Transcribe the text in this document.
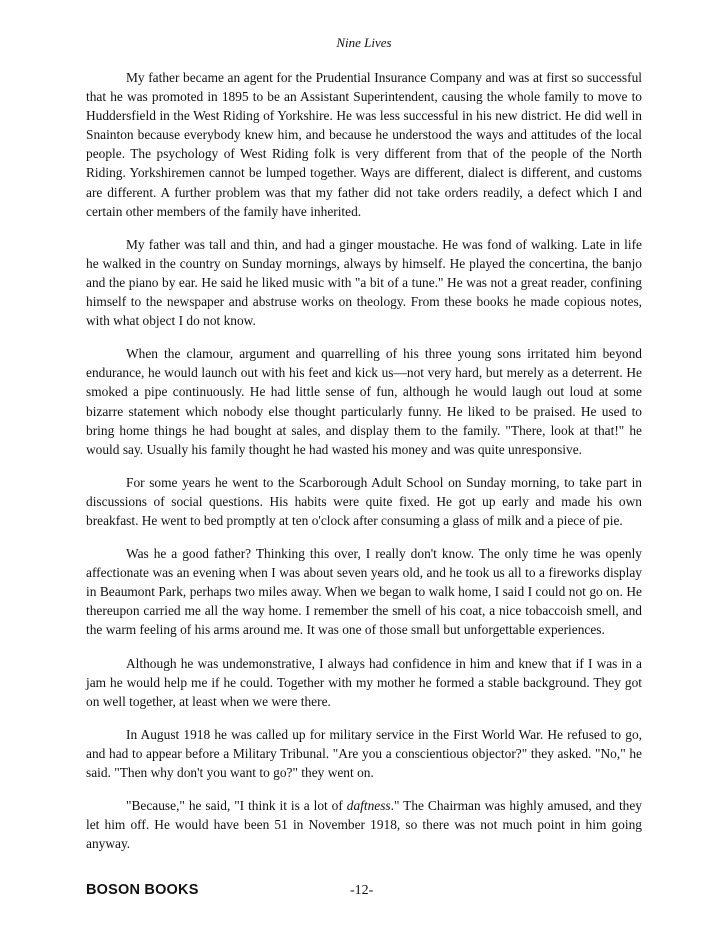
Nine Lives

My father became an agent for the Prudential Insurance Company and was at first so successful that he was promoted in 1895 to be an Assistant Superintendent, causing the whole family to move to Huddersfield in the West Riding of Yorkshire. He was less successful in his new district. He did well in Snainton because everybody knew him, and because he understood the ways and attitudes of the local people. The psychology of West Riding folk is very different from that of the people of the North Riding. Yorkshiremen cannot be lumped together. Ways are different, dialect is different, and customs are different. A further problem was that my father did not take orders readily, a defect which I and certain other members of the family have inherited.

My father was tall and thin, and had a ginger moustache. He was fond of walking. Late in life he walked in the country on Sunday mornings, always by himself. He played the concertina, the banjo and the piano by ear. He said he liked music with "a bit of a tune." He was not a great reader, confining himself to the newspaper and abstruse works on theology. From these books he made copious notes, with what object I do not know.

When the clamour, argument and quarrelling of his three young sons irritated him beyond endurance, he would launch out with his feet and kick us—not very hard, but merely as a deterrent. He smoked a pipe continuously. He had little sense of fun, although he would laugh out loud at some bizarre statement which nobody else thought particularly funny. He liked to be praised. He used to bring home things he had bought at sales, and display them to the family. "There, look at that!" he would say. Usually his family thought he had wasted his money and was quite unresponsive.

For some years he went to the Scarborough Adult School on Sunday morning, to take part in discussions of social questions. His habits were quite fixed. He got up early and made his own breakfast. He went to bed promptly at ten o'clock after consuming a glass of milk and a piece of pie.

Was he a good father? Thinking this over, I really don't know. The only time he was openly affectionate was an evening when I was about seven years old, and he took us all to a fireworks display in Beaumont Park, perhaps two miles away. When we began to walk home, I said I could not go on. He thereupon carried me all the way home. I remember the smell of his coat, a nice tobaccoish smell, and the warm feeling of his arms around me. It was one of those small but unforgettable experiences.

Although he was undemonstrative, I always had confidence in him and knew that if I was in a jam he would help me if he could. Together with my mother he formed a stable background. They got on well together, at least when we were there.

In August 1918 he was called up for military service in the First World War. He refused to go, and had to appear before a Military Tribunal. "Are you a conscientious objector?" they asked. "No," he said. "Then why don't you want to go?" they went on.

"Because," he said, "I think it is a lot of daftness." The Chairman was highly amused, and they let him off. He would have been 51 in November 1918, so there was not much point in him going anyway.

BOSON BOOKS	-12-
